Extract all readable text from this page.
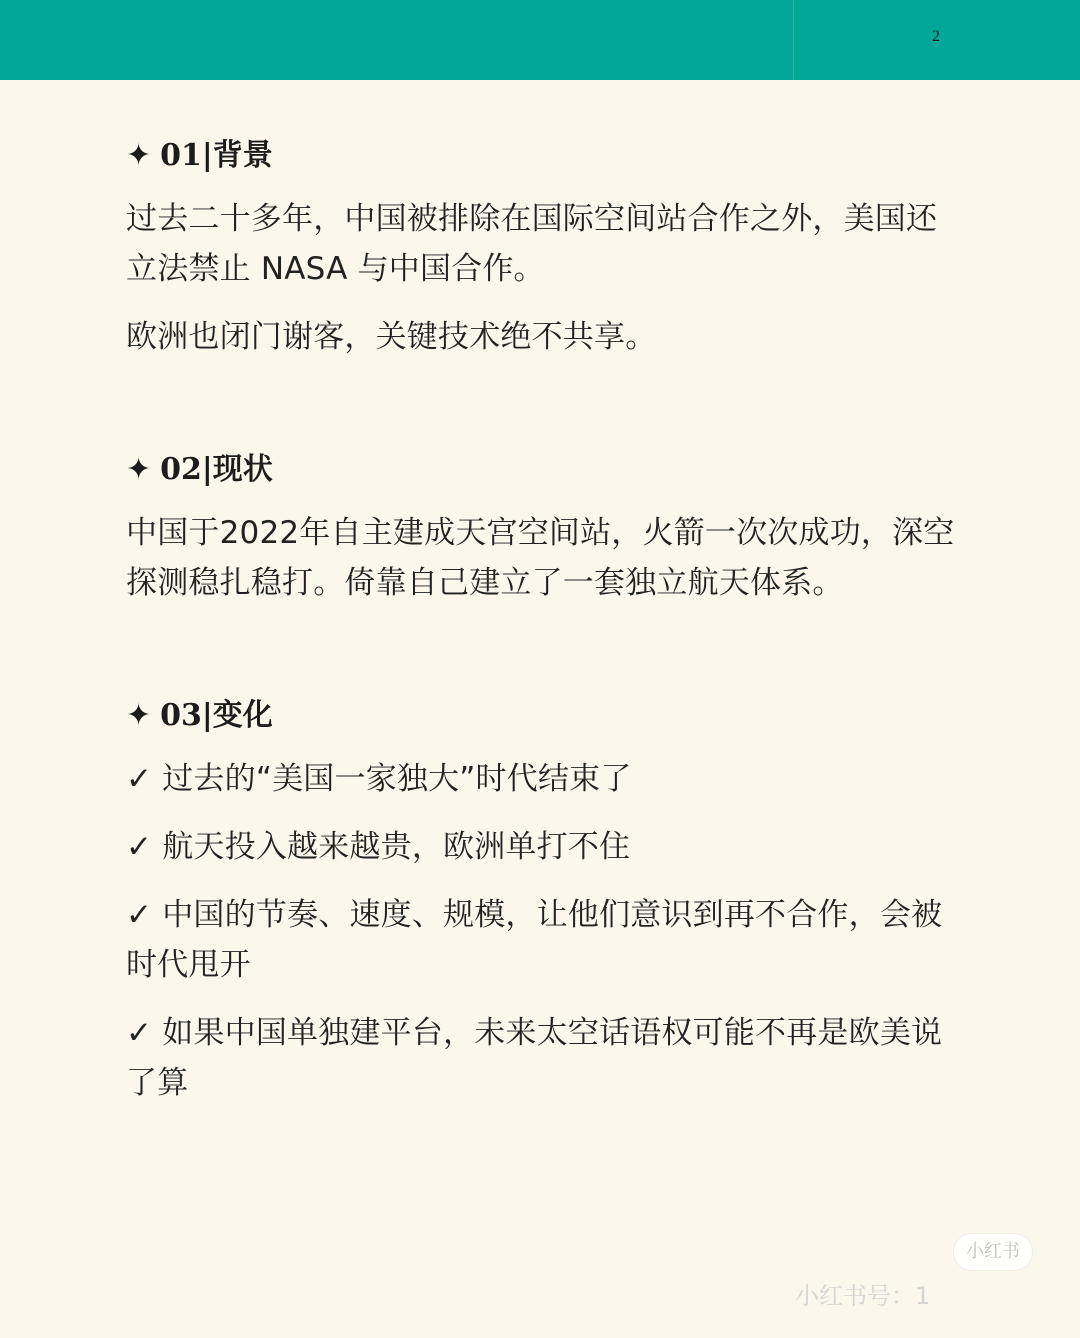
2
✦ 01|背景

过去二十多年，中国被排除在国际空间站合作之外，美国还立法禁止 NASA 与中国合作。

欧洲也闭门谢客，关键技术绝不共享。

✦ 02|现状

中国于2022年自主建成天宫空间站，火箭一次次成功，深空探测稳扎稳打。倚靠自己建立了一套独立航天体系。

✦ 03|变化

✓ 过去的“美国一家独大”时代结束了

✓ 航天投入越来越贵，欧洲单打不住

✓ 中国的节奏、速度、规模，让他们意识到再不合作，会被时代甩开

✓ 如果中国单独建平台，未来太空话语权可能不再是欧美说了算

小红书
小红书号：1
